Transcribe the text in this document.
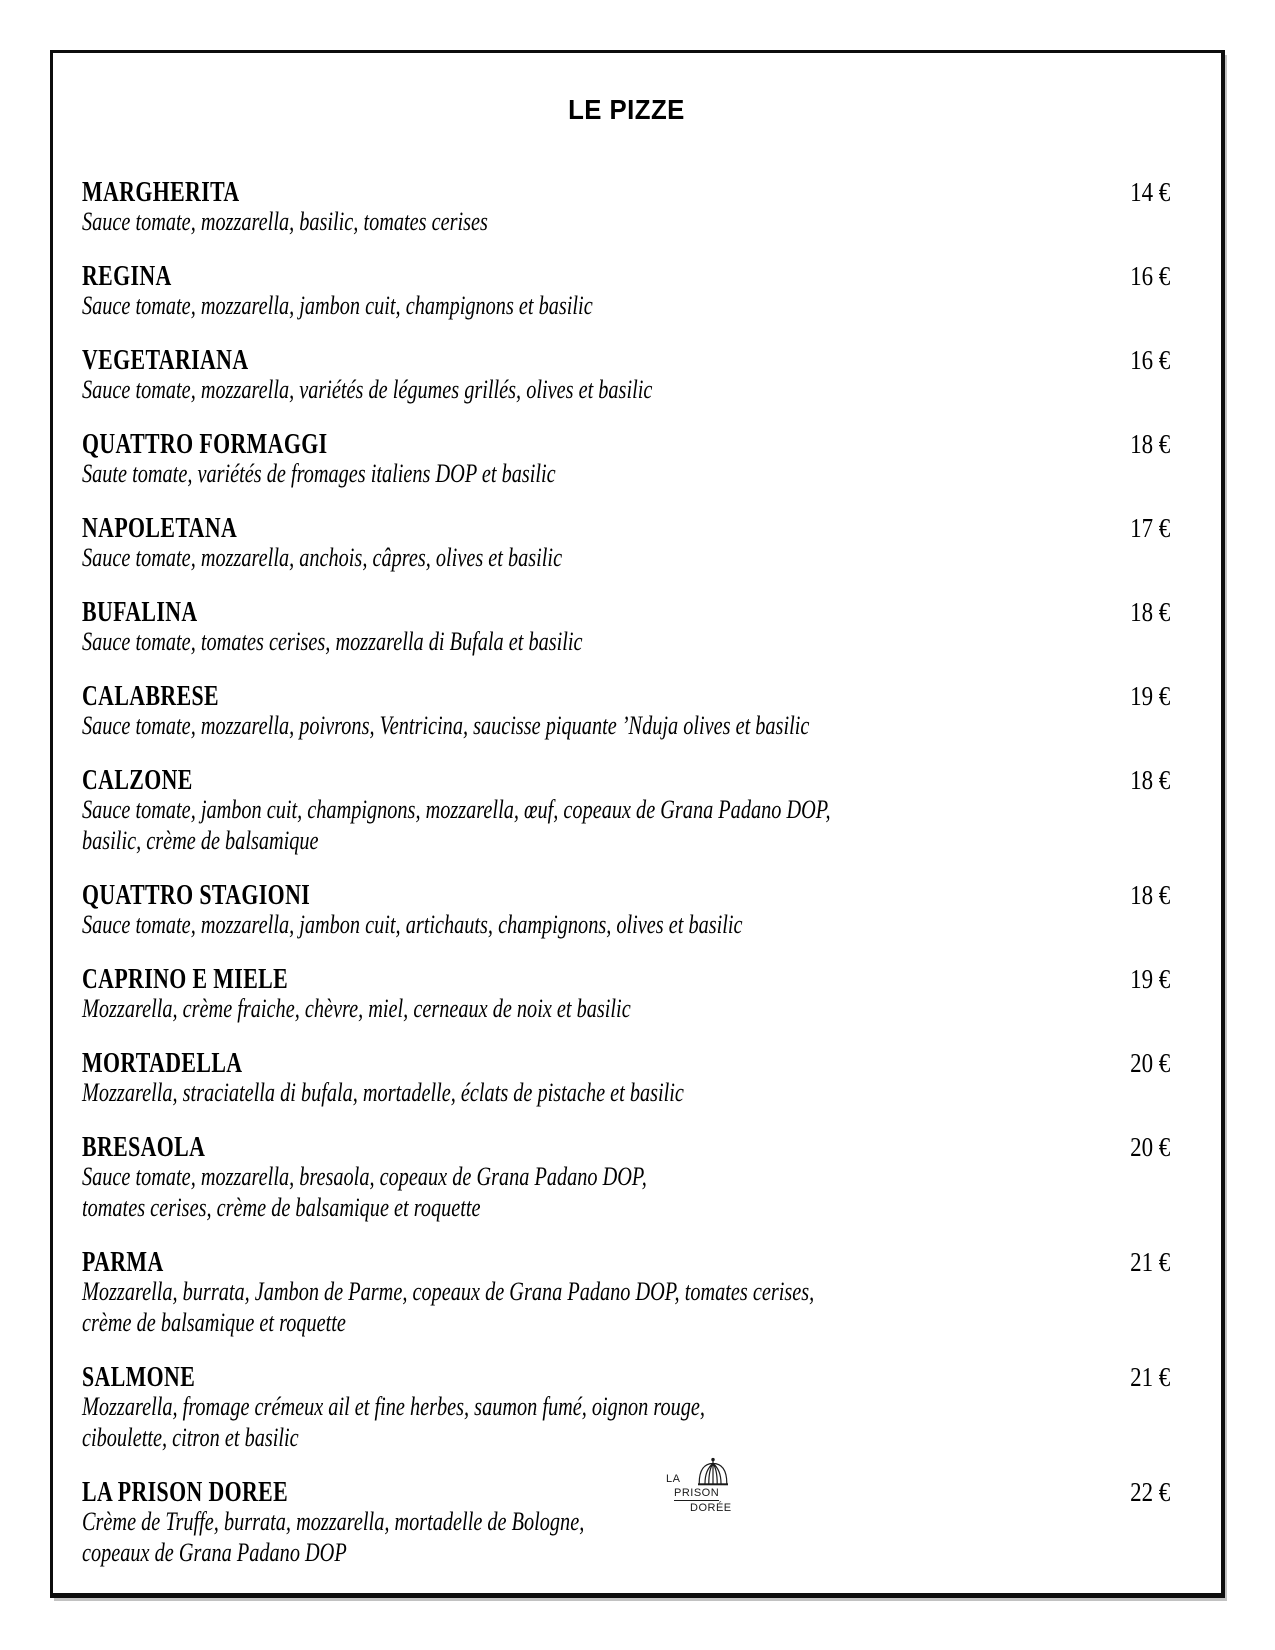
LE PIZZE
MARGHERITA	14 €
Sauce tomate, mozzarella, basilic, tomates cerises
REGINA	16 €
Sauce tomate, mozzarella, jambon cuit, champignons et basilic
VEGETARIANA	16 €
Sauce tomate, mozzarella, variétés de légumes grillés, olives et basilic
QUATTRO FORMAGGI	18 €
Saute tomate, variétés de fromages italiens DOP et basilic
NAPOLETANA	17 €
Sauce tomate, mozzarella, anchois, câpres, olives et basilic
BUFALINA	18 €
Sauce tomate, tomates cerises, mozzarella di Bufala et basilic
CALABRESE	19 €
Sauce tomate, mozzarella, poivrons, Ventricina, saucisse piquante ’Nduja olives et basilic
CALZONE	18 €
Sauce tomate, jambon cuit, champignons, mozzarella, œuf, copeaux de Grana Padano DOP,
basilic, crème de balsamique
QUATTRO STAGIONI	18 €
Sauce tomate, mozzarella, jambon cuit, artichauts, champignons, olives et basilic
CAPRINO E MIELE	19 €
Mozzarella, crème fraiche, chèvre, miel, cerneaux de noix et basilic
MORTADELLA	20 €
Mozzarella, straciatella di bufala, mortadelle, éclats de pistache et basilic
BRESAOLA	20 €
Sauce tomate, mozzarella, bresaola, copeaux de Grana Padano DOP,
tomates cerises, crème de balsamique et roquette
PARMA	21 €
Mozzarella, burrata, Jambon de Parme, copeaux de Grana Padano DOP, tomates cerises,
crème de balsamique et roquette
SALMONE	21 €
Mozzarella, fromage crémeux ail et fine herbes, saumon fumé, oignon rouge,
ciboulette, citron et basilic
LA PRISON DOREE	22 €
Crème de Truffe, burrata, mozzarella, mortadelle de Bologne,
copeaux de Grana Padano DOP
LA
PRISON
DORÉE
